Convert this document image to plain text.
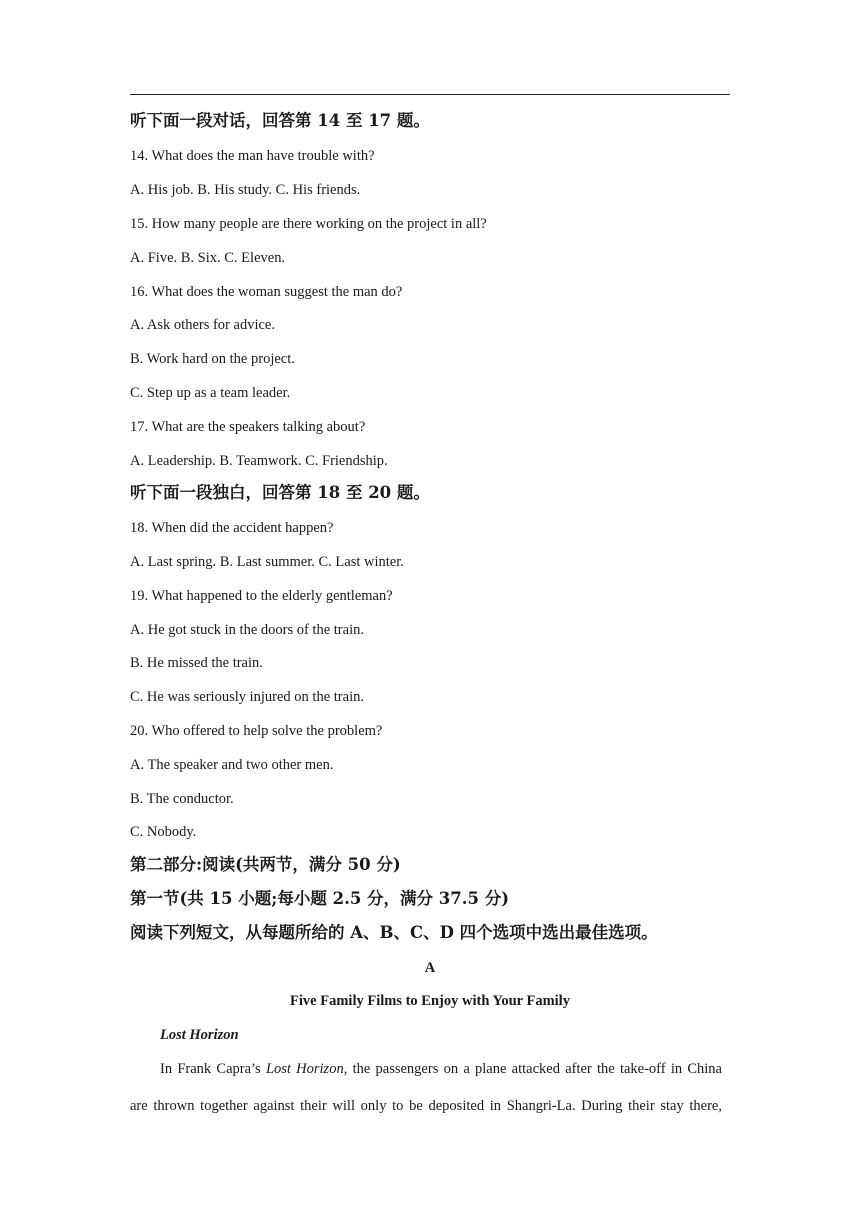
听下面一段对话，回答第 14 至 17 题。
14. What does the man have trouble with?
A. His job. B. His study. C. His friends.
15. How many people are there working on the project in all?
A. Five. B. Six. C. Eleven.
16. What does the woman suggest the man do?
A. Ask others for advice.
B. Work hard on the project.
C. Step up as a team leader.
17. What are the speakers talking about?
A. Leadership. B. Teamwork. C. Friendship.
听下面一段独白，回答第 18 至 20 题。
18. When did the accident happen?
A. Last spring. B. Last summer. C. Last winter.
19. What happened to the elderly gentleman?
A. He got stuck in the doors of the train.
B. He missed the train.
C. He was seriously injured on the train.
20. Who offered to help solve the problem?
A. The speaker and two other men.
B. The conductor.
C. Nobody.
第二部分:阅读(共两节，满分 50 分)
第一节(共 15 小题;每小题 2.5 分，满分 37.5 分)
阅读下列短文，从每题所给的 A、B、C、D 四个选项中选出最佳选项。
A
Five Family Films to Enjoy with Your Family
Lost Horizon
In Frank Capra’s Lost Horizon, the passengers on a plane attacked after the take-off in China
are thrown together against their will only to be deposited in Shangri-La. During their stay there,
